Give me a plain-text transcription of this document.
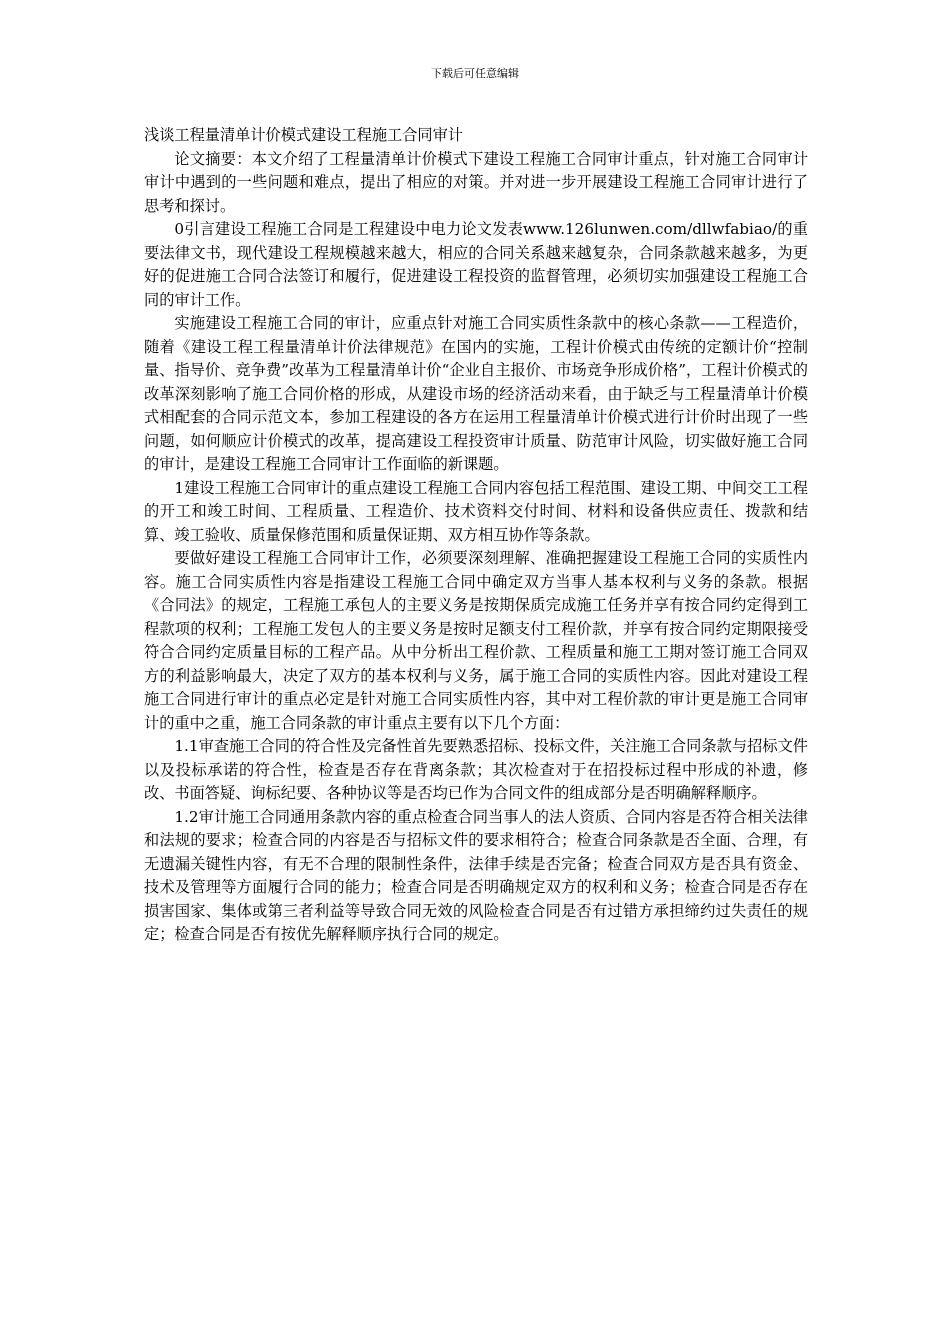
下载后可任意编辑
浅谈工程量清单计价模式建设工程施工合同审计

论文摘要：本文介绍了工程量清单计价模式下建设工程施工合同审计重点，针对施工合同审计审计中遇到的一些问题和难点，提出了相应的对策。并对进一步开展建设工程施工合同审计进行了思考和探讨。

0引言建设工程施工合同是工程建设中电力论文发表www.126lunwen.com/dllwfabiao/的重要法律文书，现代建设工程规模越来越大，相应的合同关系越来越复杂，合同条款越来越多，为更好的促进施工合同合法签订和履行，促进建设工程投资的监督管理，必须切实加强建设工程施工合同的审计工作。

实施建设工程施工合同的审计，应重点针对施工合同实质性条款中的核心条款——工程造价，随着《建设工程工程量清单计价法律规范》在国内的实施，工程计价模式由传统的定额计价“控制量、指导价、竞争费”改革为工程量清单计价“企业自主报价、市场竞争形成价格”，工程计价模式的改革深刻影响了施工合同价格的形成，从建设市场的经济活动来看，由于缺乏与工程量清单计价模式相配套的合同示范文本，参加工程建设的各方在运用工程量清单计价模式进行计价时出现了一些问题，如何顺应计价模式的改革，提高建设工程投资审计质量、防范审计风险，切实做好施工合同的审计，是建设工程施工合同审计工作面临的新课题。

1建设工程施工合同审计的重点建设工程施工合同内容包括工程范围、建设工期、中间交工工程的开工和竣工时间、工程质量、工程造价、技术资料交付时间、材料和设备供应责任、拨款和结算、竣工验收、质量保修范围和质量保证期、双方相互协作等条款。

要做好建设工程施工合同审计工作，必须要深刻理解、准确把握建设工程施工合同的实质性内容。施工合同实质性内容是指建设工程施工合同中确定双方当事人基本权利与义务的条款。根据《合同法》的规定，工程施工承包人的主要义务是按期保质完成施工任务并享有按合同约定得到工程款项的权利；工程施工发包人的主要义务是按时足额支付工程价款，并享有按合同约定期限接受符合合同约定质量目标的工程产品。从中分析出工程价款、工程质量和施工工期对签订施工合同双方的利益影响最大，决定了双方的基本权利与义务，属于施工合同的实质性内容。因此对建设工程施工合同进行审计的重点必定是针对施工合同实质性内容，其中对工程价款的审计更是施工合同审计的重中之重，施工合同条款的审计重点主要有以下几个方面：

1.1审查施工合同的符合性及完备性首先要熟悉招标、投标文件，关注施工合同条款与招标文件以及投标承诺的符合性，检查是否存在背离条款；其次检查对于在招投标过程中形成的补遗，修改、书面答疑、询标纪要、各种协议等是否均已作为合同文件的组成部分是否明确解释顺序。

1.2审计施工合同通用条款内容的重点检查合同当事人的法人资质、合同内容是否符合相关法律和法规的要求；检查合同的内容是否与招标文件的要求相符合；检查合同条款是否全面、合理，有无遗漏关键性内容，有无不合理的限制性条件，法律手续是否完备；检查合同双方是否具有资金、技术及管理等方面履行合同的能力；检查合同是否明确规定双方的权利和义务；检查合同是否存在损害国家、集体或第三者利益等导致合同无效的风险检查合同是否有过错方承担缔约过失责任的规定；检查合同是否有按优先解释顺序执行合同的规定。
